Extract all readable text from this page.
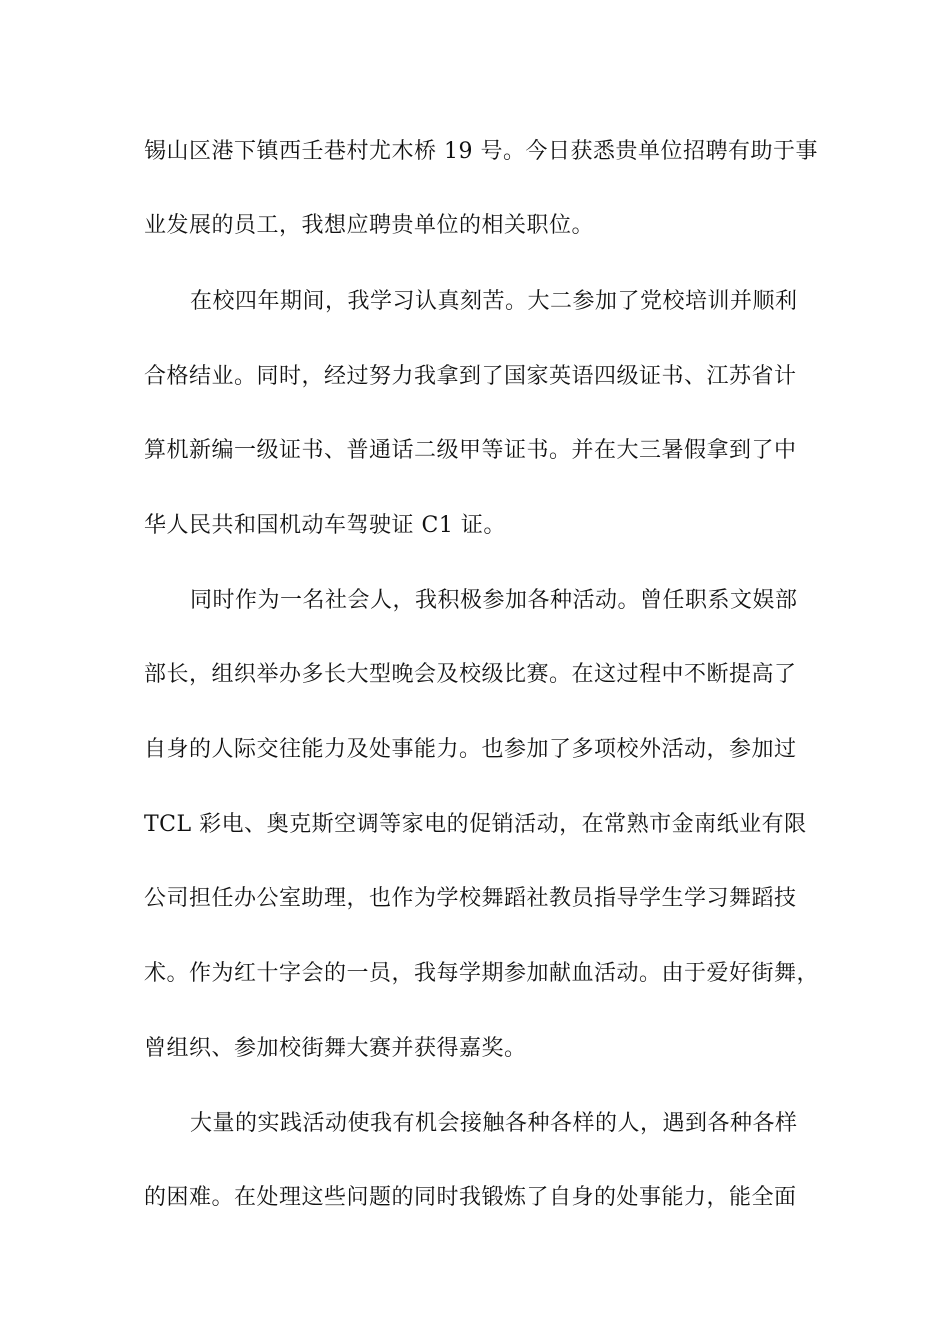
锡山区港下镇西壬巷村尤木桥 19 号。今日获悉贵单位招聘有助于事
业发展的员工，我想应聘贵单位的相关职位。
在校四年期间，我学习认真刻苦。大二参加了党校培训并顺利
合格结业。同时，经过努力我拿到了国家英语四级证书、江苏省计
算机新编一级证书、普通话二级甲等证书。并在大三暑假拿到了中
华人民共和国机动车驾驶证 C1 证。
同时作为一名社会人，我积极参加各种活动。曾任职系文娱部
部长，组织举办多长大型晚会及校级比赛。在这过程中不断提高了
自身的人际交往能力及处事能力。也参加了多项校外活动，参加过
TCL 彩电、奥克斯空调等家电的促销活动，在常熟市金南纸业有限
公司担任办公室助理，也作为学校舞蹈社教员指导学生学习舞蹈技
术。作为红十字会的一员，我每学期参加献血活动。由于爱好街舞，
曾组织、参加校街舞大赛并获得嘉奖。
大量的实践活动使我有机会接触各种各样的人，遇到各种各样
的困难。在处理这些问题的同时我锻炼了自身的处事能力，能全面
